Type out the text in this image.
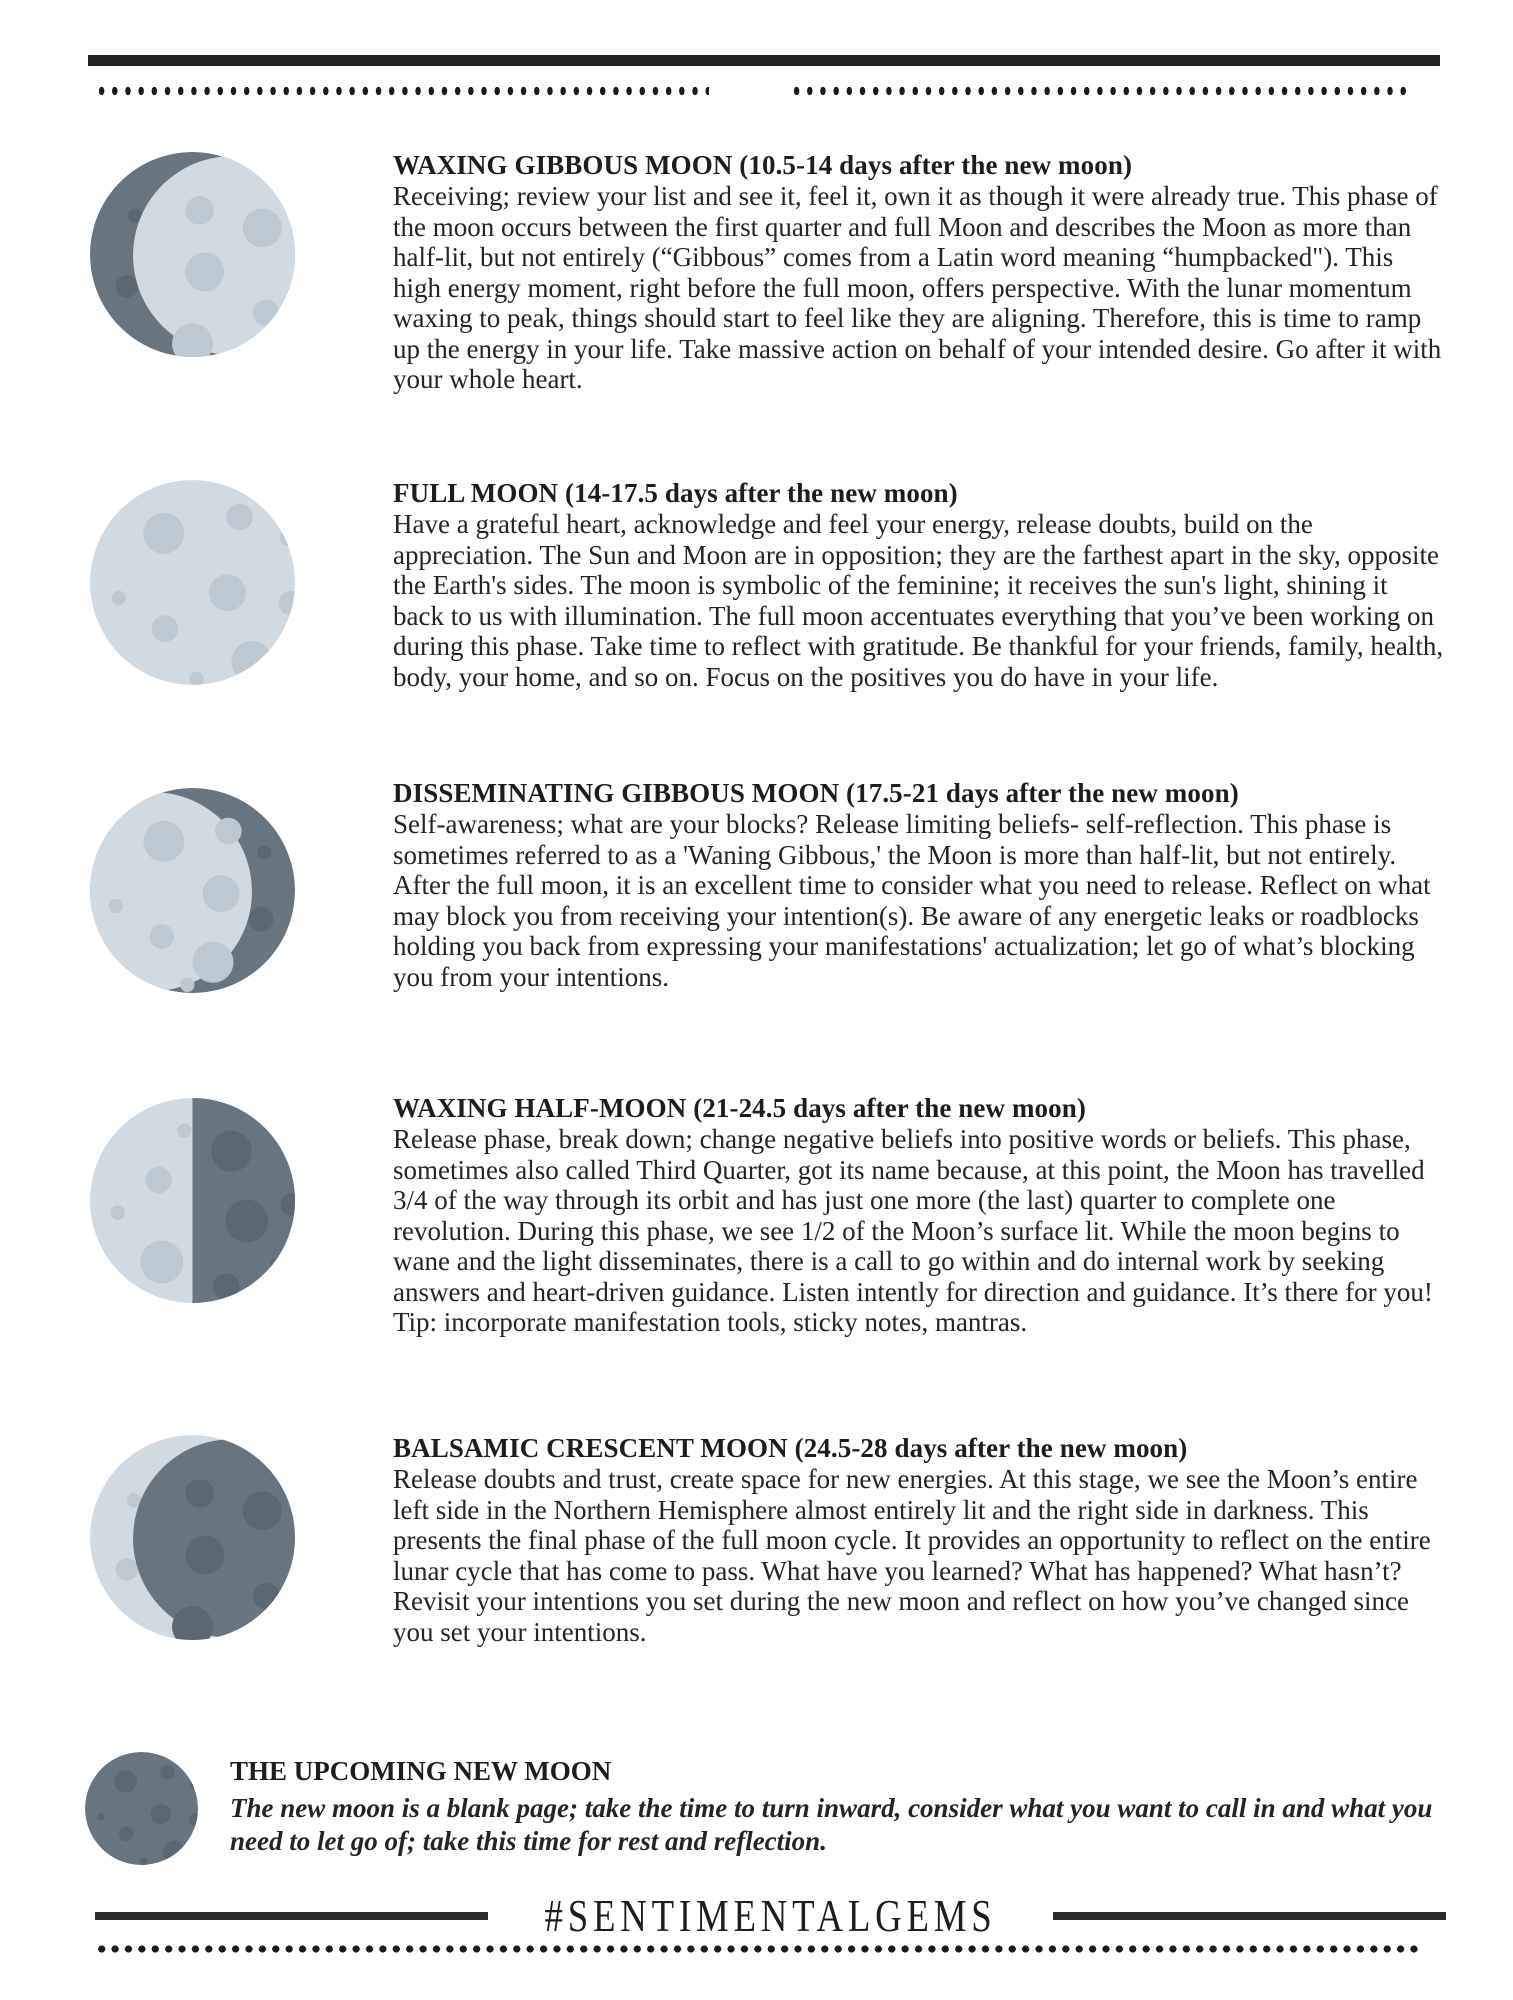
WAXING GIBBOUS MOON (10.5-14 days after the new moon)

Receiving; review your list and see it, feel it, own it as though it were already true. This phase of the moon occurs between the first quarter and full Moon and describes the Moon as more than half-lit, but not entirely (“Gibbous” comes from a Latin word meaning “humpbacked"). This high energy moment, right before the full moon, offers perspective. With the lunar momentum waxing to peak, things should start to feel like they are aligning. Therefore, this is time to ramp up the energy in your life. Take massive action on behalf of your intended desire. Go after it with your whole heart.

FULL MOON (14-17.5 days after the new moon)

Have a grateful heart, acknowledge and feel your energy, release doubts, build on the appreciation. The Sun and Moon are in opposition; they are the farthest apart in the sky, opposite the Earth's sides. The moon is symbolic of the feminine; it receives the sun's light, shining it back to us with illumination. The full moon accentuates everything that you’ve been working on during this phase. Take time to reflect with gratitude. Be thankful for your friends, family, health, body, your home, and so on. Focus on the positives you do have in your life.

DISSEMINATING GIBBOUS MOON (17.5-21 days after the new moon)

Self-awareness; what are your blocks? Release limiting beliefs- self-reflection. This phase is sometimes referred to as a 'Waning Gibbous,' the Moon is more than half-lit, but not entirely. After the full moon, it is an excellent time to consider what you need to release. Reflect on what may block you from receiving your intention(s). Be aware of any energetic leaks or roadblocks holding you back from expressing your manifestations' actualization; let go of what’s blocking you from your intentions.

WAXING HALF-MOON (21-24.5 days after the new moon)

Release phase, break down; change negative beliefs into positive words or beliefs. This phase, sometimes also called Third Quarter, got its name because, at this point, the Moon has travelled 3/4 of the way through its orbit and has just one more (the last) quarter to complete one revolution. During this phase, we see 1/2 of the Moon’s surface lit. While the moon begins to wane and the light disseminates, there is a call to go within and do internal work by seeking answers and heart-driven guidance. Listen intently for direction and guidance. It’s there for you! Tip: incorporate manifestation tools, sticky notes, mantras.

BALSAMIC CRESCENT MOON (24.5-28 days after the new moon)

Release doubts and trust, create space for new energies. At this stage, we see the Moon’s entire left side in the Northern Hemisphere almost entirely lit and the right side in darkness. This presents the final phase of the full moon cycle. It provides an opportunity to reflect on the entire lunar cycle that has come to pass. What have you learned? What has happened? What hasn’t? Revisit your intentions you set during the new moon and reflect on how you’ve changed since you set your intentions.

THE UPCOMING NEW MOON

The new moon is a blank page; take the time to turn inward, consider what you want to call in and what you need to let go of; take this time for rest and reflection.

#SENTIMENTALGEMS
